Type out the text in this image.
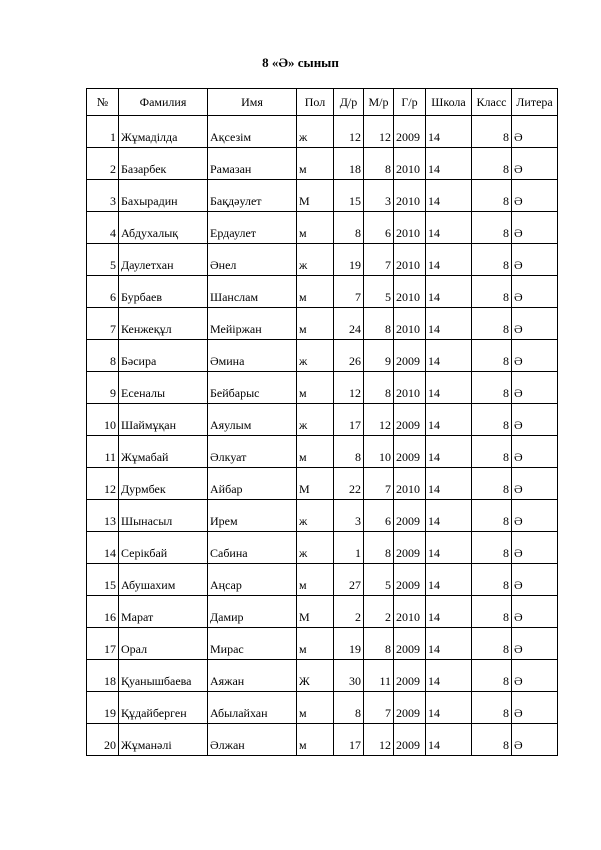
8 «Ә» сынып
№	Фамилия	Имя	Пол	Д/р	М/р	Г/р	Школа	Класс	Литера
1	Жұмаділда	Ақсезім	ж	12	12	2009	14	8	Ә
2	Базарбек	Рамазан	м	18	8	2010	14	8	Ә
3	Бахырадин	Бақдәулет	М	15	3	2010	14	8	Ә
4	Абдухалық	Ердаулет	м	8	6	2010	14	8	Ә
5	Даулетхан	Әнел	ж	19	7	2010	14	8	Ә
6	Бурбаев	Шанслам	м	7	5	2010	14	8	Ә
7	Кенжеқұл	Мейіржан	м	24	8	2010	14	8	Ә
8	Бәсира	Әмина	ж	26	9	2009	14	8	Ә
9	Есеналы	Бейбарыс	м	12	8	2010	14	8	Ә
10	Шаймұқан	Аяулым	ж	17	12	2009	14	8	Ә
11	Жұмабай	Әлкуат	м	8	10	2009	14	8	Ә
12	Дурмбек	Айбар	М	22	7	2010	14	8	Ә
13	Шынасыл	Ирем	ж	3	6	2009	14	8	Ә
14	Серікбай	Сабина	ж	1	8	2009	14	8	Ә
15	Абушахим	Аңсар	м	27	5	2009	14	8	Ә
16	Марат	Дамир	М	2	2	2010	14	8	Ә
17	Орал	Мирас	м	19	8	2009	14	8	Ә
18	Қуанышбаева	Аяжан	Ж	30	11	2009	14	8	Ә
19	Құдайберген	Абылайхан	м	8	7	2009	14	8	Ә
20	Жұманәлі	Әлжан	м	17	12	2009	14	8	Ә
